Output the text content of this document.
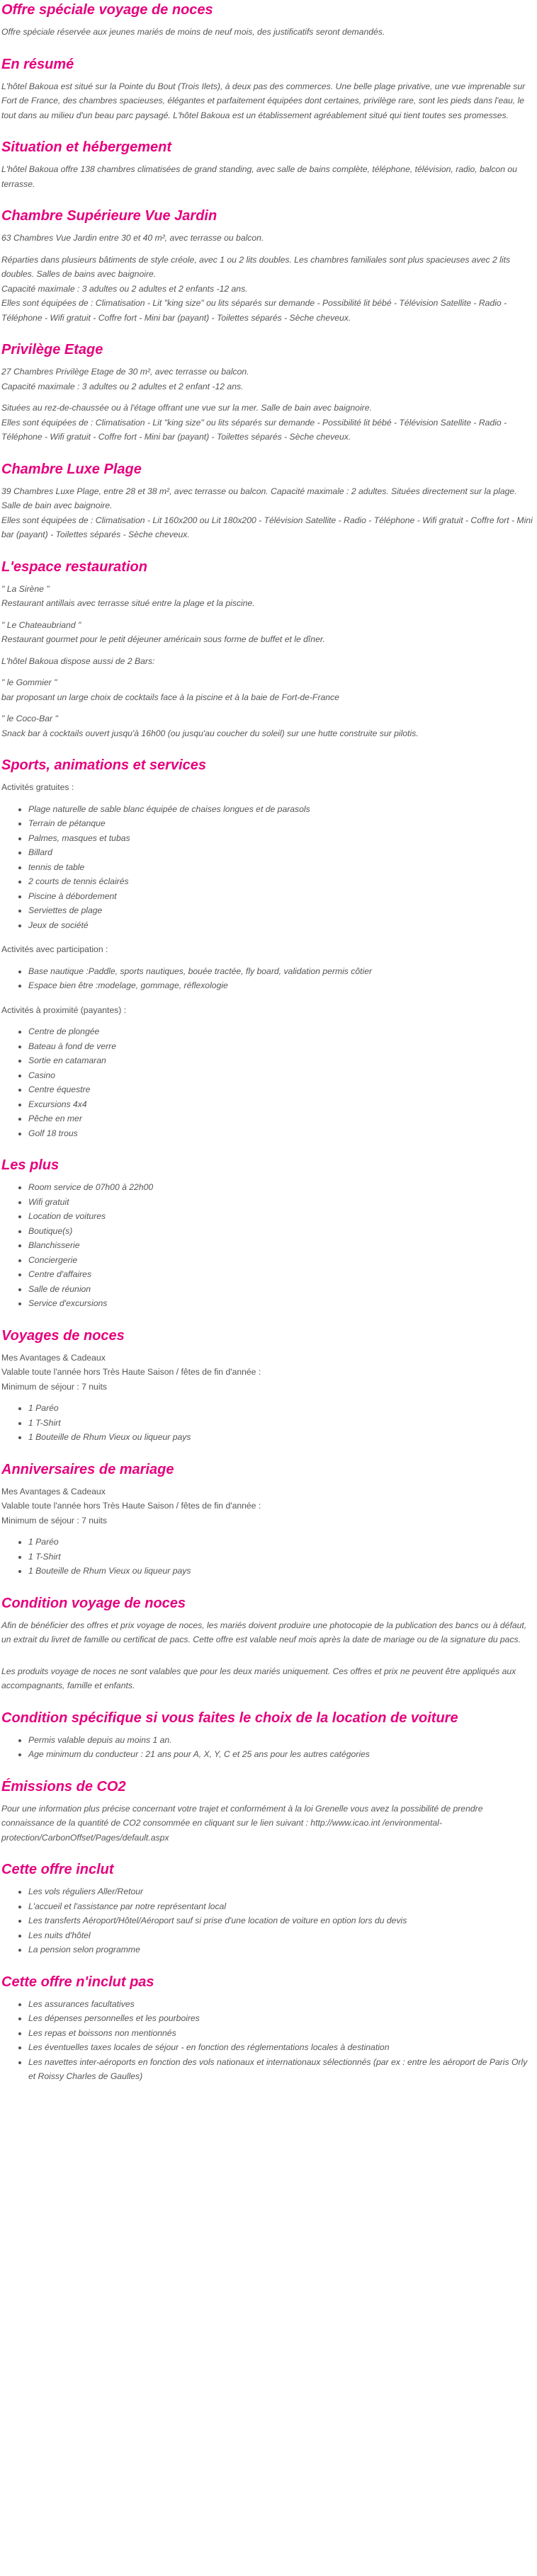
Offre spéciale voyage de noces

Offre spéciale réservée aux jeunes mariés de moins de neuf mois, des justificatifs seront demandés.

En résumé

L'hôtel Bakoua est situé sur la Pointe du Bout (Trois Ilets), à deux pas des commerces. Une belle plage privative, une vue imprenable sur Fort de France, des chambres spacieuses, élégantes et parfaitement équipées dont certaines, privilège rare, sont les pieds dans l'eau, le tout dans au milieu d'un beau parc paysagé. L'hôtel Bakoua est un établissement agréablement situé qui tient toutes ses promesses.

Situation et hébergement

L'hôtel Bakoua offre 138 chambres climatisées de grand standing, avec salle de bains complète, téléphone, télévision, radio, balcon ou terrasse.

Chambre Supérieure Vue Jardin

63 Chambres Vue Jardin entre 30 et 40 m², avec terrasse ou balcon.

Réparties dans plusieurs bâtiments de style créole, avec 1 ou 2 lits doubles. Les chambres familiales sont plus spacieuses avec 2 lits doubles. Salles de bains avec baignoire.
Capacité maximale : 3 adultes ou 2 adultes et 2 enfants -12 ans.
Elles sont équipées de : Climatisation - Lit "king size" ou lits séparés sur demande - Possibilité lit bébé - Télévision Satellite - Radio - Téléphone - Wifi gratuit - Coffre fort - Mini bar (payant) - Toilettes séparés - Sèche cheveux.

Privilège Etage

27 Chambres Privilège Etage de 30 m², avec terrasse ou balcon.
Capacité maximale : 3 adultes ou 2 adultes et 2 enfant -12 ans.

Situées au rez-de-chaussée ou à l'étage offrant une vue sur la mer. Salle de bain avec baignoire.
Elles sont équipées de : Climatisation - Lit "king size" ou lits séparés sur demande - Possibilité lit bébé - Télévision Satellite - Radio - Téléphone - Wifi gratuit - Coffre fort - Mini bar (payant) - Toilettes séparés - Sèche cheveux.

Chambre Luxe Plage

39 Chambres Luxe Plage, entre 28 et 38 m², avec terrasse ou balcon. Capacité maximale : 2 adultes. Situées directement sur la plage. Salle de bain avec baignoire.
Elles sont équipées de : Climatisation - Lit 160x200 ou Lit 180x200 - Télévision Satellite - Radio - Téléphone - Wifi gratuit - Coffre fort - Mini bar (payant) - Toilettes séparés - Sèche cheveux.

L'espace restauration

" La Sirène "
Restaurant antillais avec terrasse situé entre la plage et la piscine.

" Le Chateaubriand "
Restaurant gourmet pour le petit déjeuner américain sous forme de buffet et le dîner.

L'hôtel Bakoua dispose aussi de 2 Bars:

" le Gommier "
bar proposant un large choix de cocktails face à la piscine et à la baie de Fort-de-France

" le Coco-Bar "
Snack bar à cocktails ouvert jusqu'à 16h00 (ou jusqu'au coucher du soleil) sur une hutte construite sur pilotis.

Sports, animations et services

Activités gratuites :

• Plage naturelle de sable blanc équipée de chaises longues et de parasols
• Terrain de pétanque
• Palmes, masques et tubas
• Billard
• tennis de table
• 2 courts de tennis éclairés
• Piscine à débordement
• Serviettes de plage
• Jeux de société

Activités avec participation :

• Base nautique :Paddle, sports nautiques, bouée tractée, fly board, validation permis côtier
• Espace bien être :modelage, gommage, réflexologie

Activités à proximité (payantes) :

• Centre de plongée
• Bateau à fond de verre
• Sortie en catamaran
• Casino
• Centre équestre
• Excursions 4x4
• Pêche en mer
• Golf 18 trous
Les plus
• Room service de 07h00 à 22h00
• Wifi gratuit
• Location de voitures
• Boutique(s)
• Blanchisserie
• Conciergerie
• Centre d'affaires
• Salle de réunion
• Service d'excursions
Voyages de noces

Mes Avantages & Cadeaux
Valable toute l'année hors Très Haute Saison / fêtes de fin d'année :
Minimum de séjour : 7 nuits

• 1 Paréo
• 1 T-Shirt
• 1 Bouteille de Rhum Vieux ou liqueur pays
Anniversaires de mariage

Mes Avantages & Cadeaux
Valable toute l'année hors Très Haute Saison / fêtes de fin d'année :
Minimum de séjour : 7 nuits

• 1 Paréo
• 1 T-Shirt
• 1 Bouteille de Rhum Vieux ou liqueur pays
Condition voyage de noces

Afin de bénéficier des offres et prix voyage de noces, les mariés doivent produire une photocopie de la publication des bancs ou à défaut, un extrait du livret de famille ou certificat de pacs. Cette offre est valable neuf mois après la date de mariage ou de la signature du pacs.

Les produits voyage de noces ne sont valables que pour les deux mariés uniquement. Ces offres et prix ne peuvent être appliqués aux accompagnants, famille et enfants.

Condition spécifique si vous faites le choix de la location de voiture
• Permis valable depuis au moins 1 an.
• Age minimum du conducteur : 21 ans pour A, X, Y, C et 25 ans pour les autres catégories
Émissions de CO2

Pour une information plus précise concernant votre trajet et conformément à la loi Grenelle vous avez la possibilité de prendre connaissance de la quantité de CO2 consommée en cliquant sur le lien suivant : http://www.icao.int /environmental-protection/CarbonOffset/Pages/default.aspx

Cette offre inclut
• Les vols réguliers Aller/Retour
• L'accueil et l'assistance par notre représentant local
• Les transferts Aéroport/Hôtel/Aéroport sauf si prise d'une location de voiture en option lors du devis
• Les nuits d'hôtel
• La pension selon programme
Cette offre n'inclut pas
• Les assurances facultatives
• Les dépenses personnelles et les pourboires
• Les repas et boissons non mentionnés
• Les éventuelles taxes locales de séjour - en fonction des réglementations locales à destination
• Les navettes inter-aéroports en fonction des vols nationaux et internationaux sélectionnés (par ex : entre les aéroport de Paris Orly et Roissy Charles de Gaulles)
